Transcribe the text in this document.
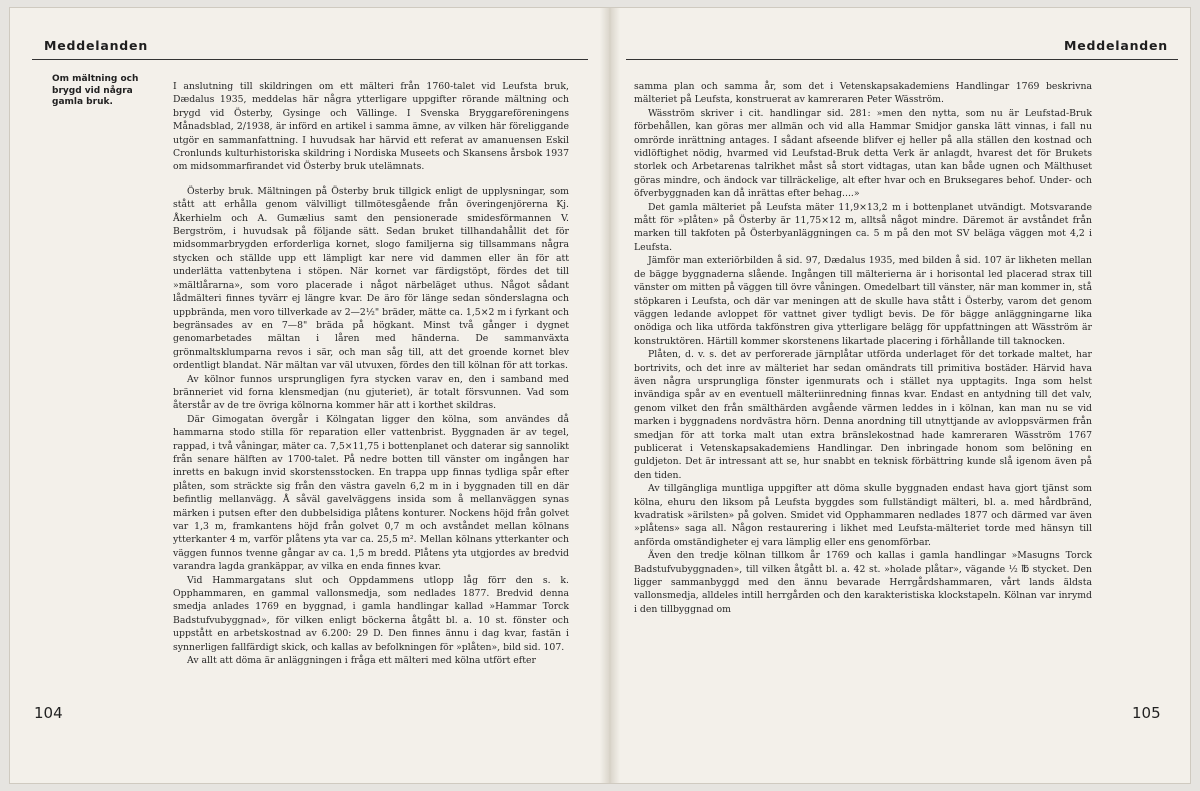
Meddelanden
Om mältning och brygd vid några gamla bruk.

I anslutning till skildringen om ett mälteri från 1760-talet vid Leufsta bruk, Dædalus 1935, meddelas här några ytterligare uppgifter rörande mältning och brygd vid Österby, Gysinge och Vällinge. I Svenska Bryggareföreningens Månadsblad, 2/1938, är införd en artikel i samma ämne, av vilken här föreliggande utgör en sammanfattning. I huvudsak har härvid ett referat av amanuensen Eskil Cronlunds kulturhistoriska skildring i Nordiska Museets och Skansens årsbok 1937 om midsommarfirandet vid Österby bruk utelämnats.

Österby bruk. Mältningen på Österby bruk tillgick enligt de upplysningar, som stått att erhålla genom välvilligt tillmötesgående från överingenjörerna Kj. Åkerhielm och A. Gumælius samt den pensionerade smidesförmannen V. Bergström, i huvudsak på följande sätt. Sedan bruket tillhandahållit det för midsommarbrygden erforderliga kornet, slogo familjerna sig tillsammans några stycken och ställde upp ett lämpligt kar nere vid dammen eller än för att underlätta vattenbytena i stöpen. När kornet var färdigstöpt, fördes det till »mältlårarna», som voro placerade i något närbeläget uthus. Något sådant lådmälteri finnes tyvärr ej längre kvar. De äro för länge sedan sönderslagna och uppbrända, men voro tillverkade av 2—2½" bräder, mätte ca. 1,5×2 m i fyrkant och begränsades av en 7—8" bräda på högkant. Minst två gånger i dygnet genomarbetades mältan i låren med händerna. De sammanväxta grönmaltsklumparna revos i sär, och man såg till, att det groende kornet blev ordentligt blandat. När mältan var väl utvuxen, fördes den till kölnan för att torkas.

Av kölnor funnos ursprungligen fyra stycken varav en, den i samband med bränneriet vid forna klensmedjan (nu gjuteriet), är totalt försvunnen. Vad som återstår av de tre övriga kölnorna kommer här att i korthet skildras.

Där Gimogatan övergår i Kölngatan ligger den kölna, som användes då hammarna stodo stilla för reparation eller vattenbrist. Byggnaden är av tegel, rappad, i två våningar, mäter ca. 7,5×11,75 i bottenplanet och daterar sig sannolikt från senare hälften av 1700-talet. På nedre botten till vänster om ingången har inretts en bakugn invid skorstensstocken. En trappa upp finnas tydliga spår efter plåten, som sträckte sig från den västra gaveln 6,2 m in i byggnaden till en där befintlig mellanvägg. Å såväl gavelväggens insida som å mellanväggen synas märken i putsen efter den dubbelsidiga plåtens konturer. Nockens höjd från golvet var 1,3 m, framkantens höjd från golvet 0,7 m och avståndet mellan kölnans ytterkanter 4 m, varför plåtens yta var ca. 25,5 m². Mellan kölnans ytterkanter och väggen funnos tvenne gångar av ca. 1,5 m bredd. Plåtens yta utgjordes av bredvid varandra lagda grankäppar, av vilka en enda finnes kvar.

Vid Hammargatans slut och Oppdammens utlopp låg förr den s. k. Opphammaren, en gammal vallonsmedja, som nedlades 1877. Bredvid denna smedja anlades 1769 en byggnad, i gamla handlingar kallad »Hammar Torck Badstufvubyggnad», för vilken enligt böckerna åtgått bl. a. 10 st. fönster och uppstått en arbetskostnad av 6.200: 29 D. Den finnes ännu i dag kvar, fastän i synnerligen fallfärdigt skick, och kallas av befolkningen för »plåten», bild sid. 107.

Av allt att döma är anläggningen i fråga ett mälteri med kölna utfört efter

104
Meddelanden

samma plan och samma år, som det i Vetenskapsakademiens Handlingar 1769 beskrivna mälteriet på Leufsta, konstruerat av kamreraren Peter Wäsström.

Wäsström skriver i cit. handlingar sid. 281: »men den nytta, som nu är Leufstad-Bruk förbehållen, kan göras mer allmän och vid alla Hammar Smidjor ganska lätt vinnas, i fall nu omrörde inrättning antages. I sådant afseende blifver ej heller på alla ställen den kostnad och vidlöftighet nödig, hvarmed vid Leufstad-Bruk detta Verk är anlagdt, hvarest det för Brukets storlek och Arbetarenas talrikhet måst så stort vidtagas, utan kan både ugnen och Mälthuset göras mindre, och ändock var tillräckelige, alt efter hvar och en Bruksegares behof. Under- och öfverbyggnaden kan då inrättas efter behag....»

Det gamla mälteriet på Leufsta mäter 11,9×13,2 m i bottenplanet utvändigt. Motsvarande mått för »plåten» på Österby är 11,75×12 m, alltså något mindre. Däremot är avståndet från marken till takfoten på Österbyanläggningen ca. 5 m på den mot SV beläga väggen mot 4,2 i Leufsta.

Jämför man exteriörbilden å sid. 97, Dædalus 1935, med bilden å sid. 107 är likheten mellan de bägge byggnaderna slående. Ingången till mälterierna är i horisontal led placerad strax till vänster om mitten på väggen till övre våningen. Omedelbart till vänster, när man kommer in, stå stöpkaren i Leufsta, och där var meningen att de skulle hava stått i Österby, varom det genom väggen ledande avloppet för vattnet giver tydligt bevis. De för bägge anläggningarne lika onödiga och lika utförda takfönstren giva ytterligare belägg för uppfattningen att Wäsström är konstruktören. Härtill kommer skorstenens likartade placering i förhållande till taknocken.

Plåten, d. v. s. det av perforerade järnplåtar utförda underlaget för det torkade maltet, har bortrivits, och det inre av mälteriet har sedan omändrats till primitiva bostäder. Härvid hava även några ursprungliga fönster igenmurats och i stället nya upptagits. Inga som helst invändiga spår av en eventuell mälteriinredning finnas kvar. Endast en antydning till det valv, genom vilket den från smälthärden avgående värmen leddes in i kölnan, kan man nu se vid marken i byggnadens nordvästra hörn. Denna anordning till utnyttjande av avloppsvärmen från smedjan för att torka malt utan extra bränslekostnad hade kamreraren Wäsström 1767 publicerat i Vetenskapsakademiens Handlingar. Den inbringade honom som belöning en guldjeton. Det är intressant att se, hur snabbt en teknisk förbättring kunde slå igenom även på den tiden.

Av tillgängliga muntliga uppgifter att döma skulle byggnaden endast hava gjort tjänst som kölna, ehuru den liksom på Leufsta byggdes som fullständigt mälteri, bl. a. med hårdbränd, kvadratisk »ärilsten» på golven. Smidet vid Opphammaren nedlades 1877 och därmed var även »plåtens» saga all. Någon restaurering i likhet med Leufsta-mälteriet torde med hänsyn till anförda omständigheter ej vara lämplig eller ens genomförbar.

Även den tredje kölnan tillkom år 1769 och kallas i gamla handlingar »Masugns Torck Badstufvubyggnaden», till vilken åtgått bl. a. 42 st. »holade plåtar», vägande ½ ℔ stycket. Den ligger sammanbyggd med den ännu bevarade Herrgårdshammaren, vårt lands äldsta vallonsmedja, alldeles intill herrgården och den karakteristiska klockstapeln. Kölnan var inrymd i den tillbyggnad om

105
